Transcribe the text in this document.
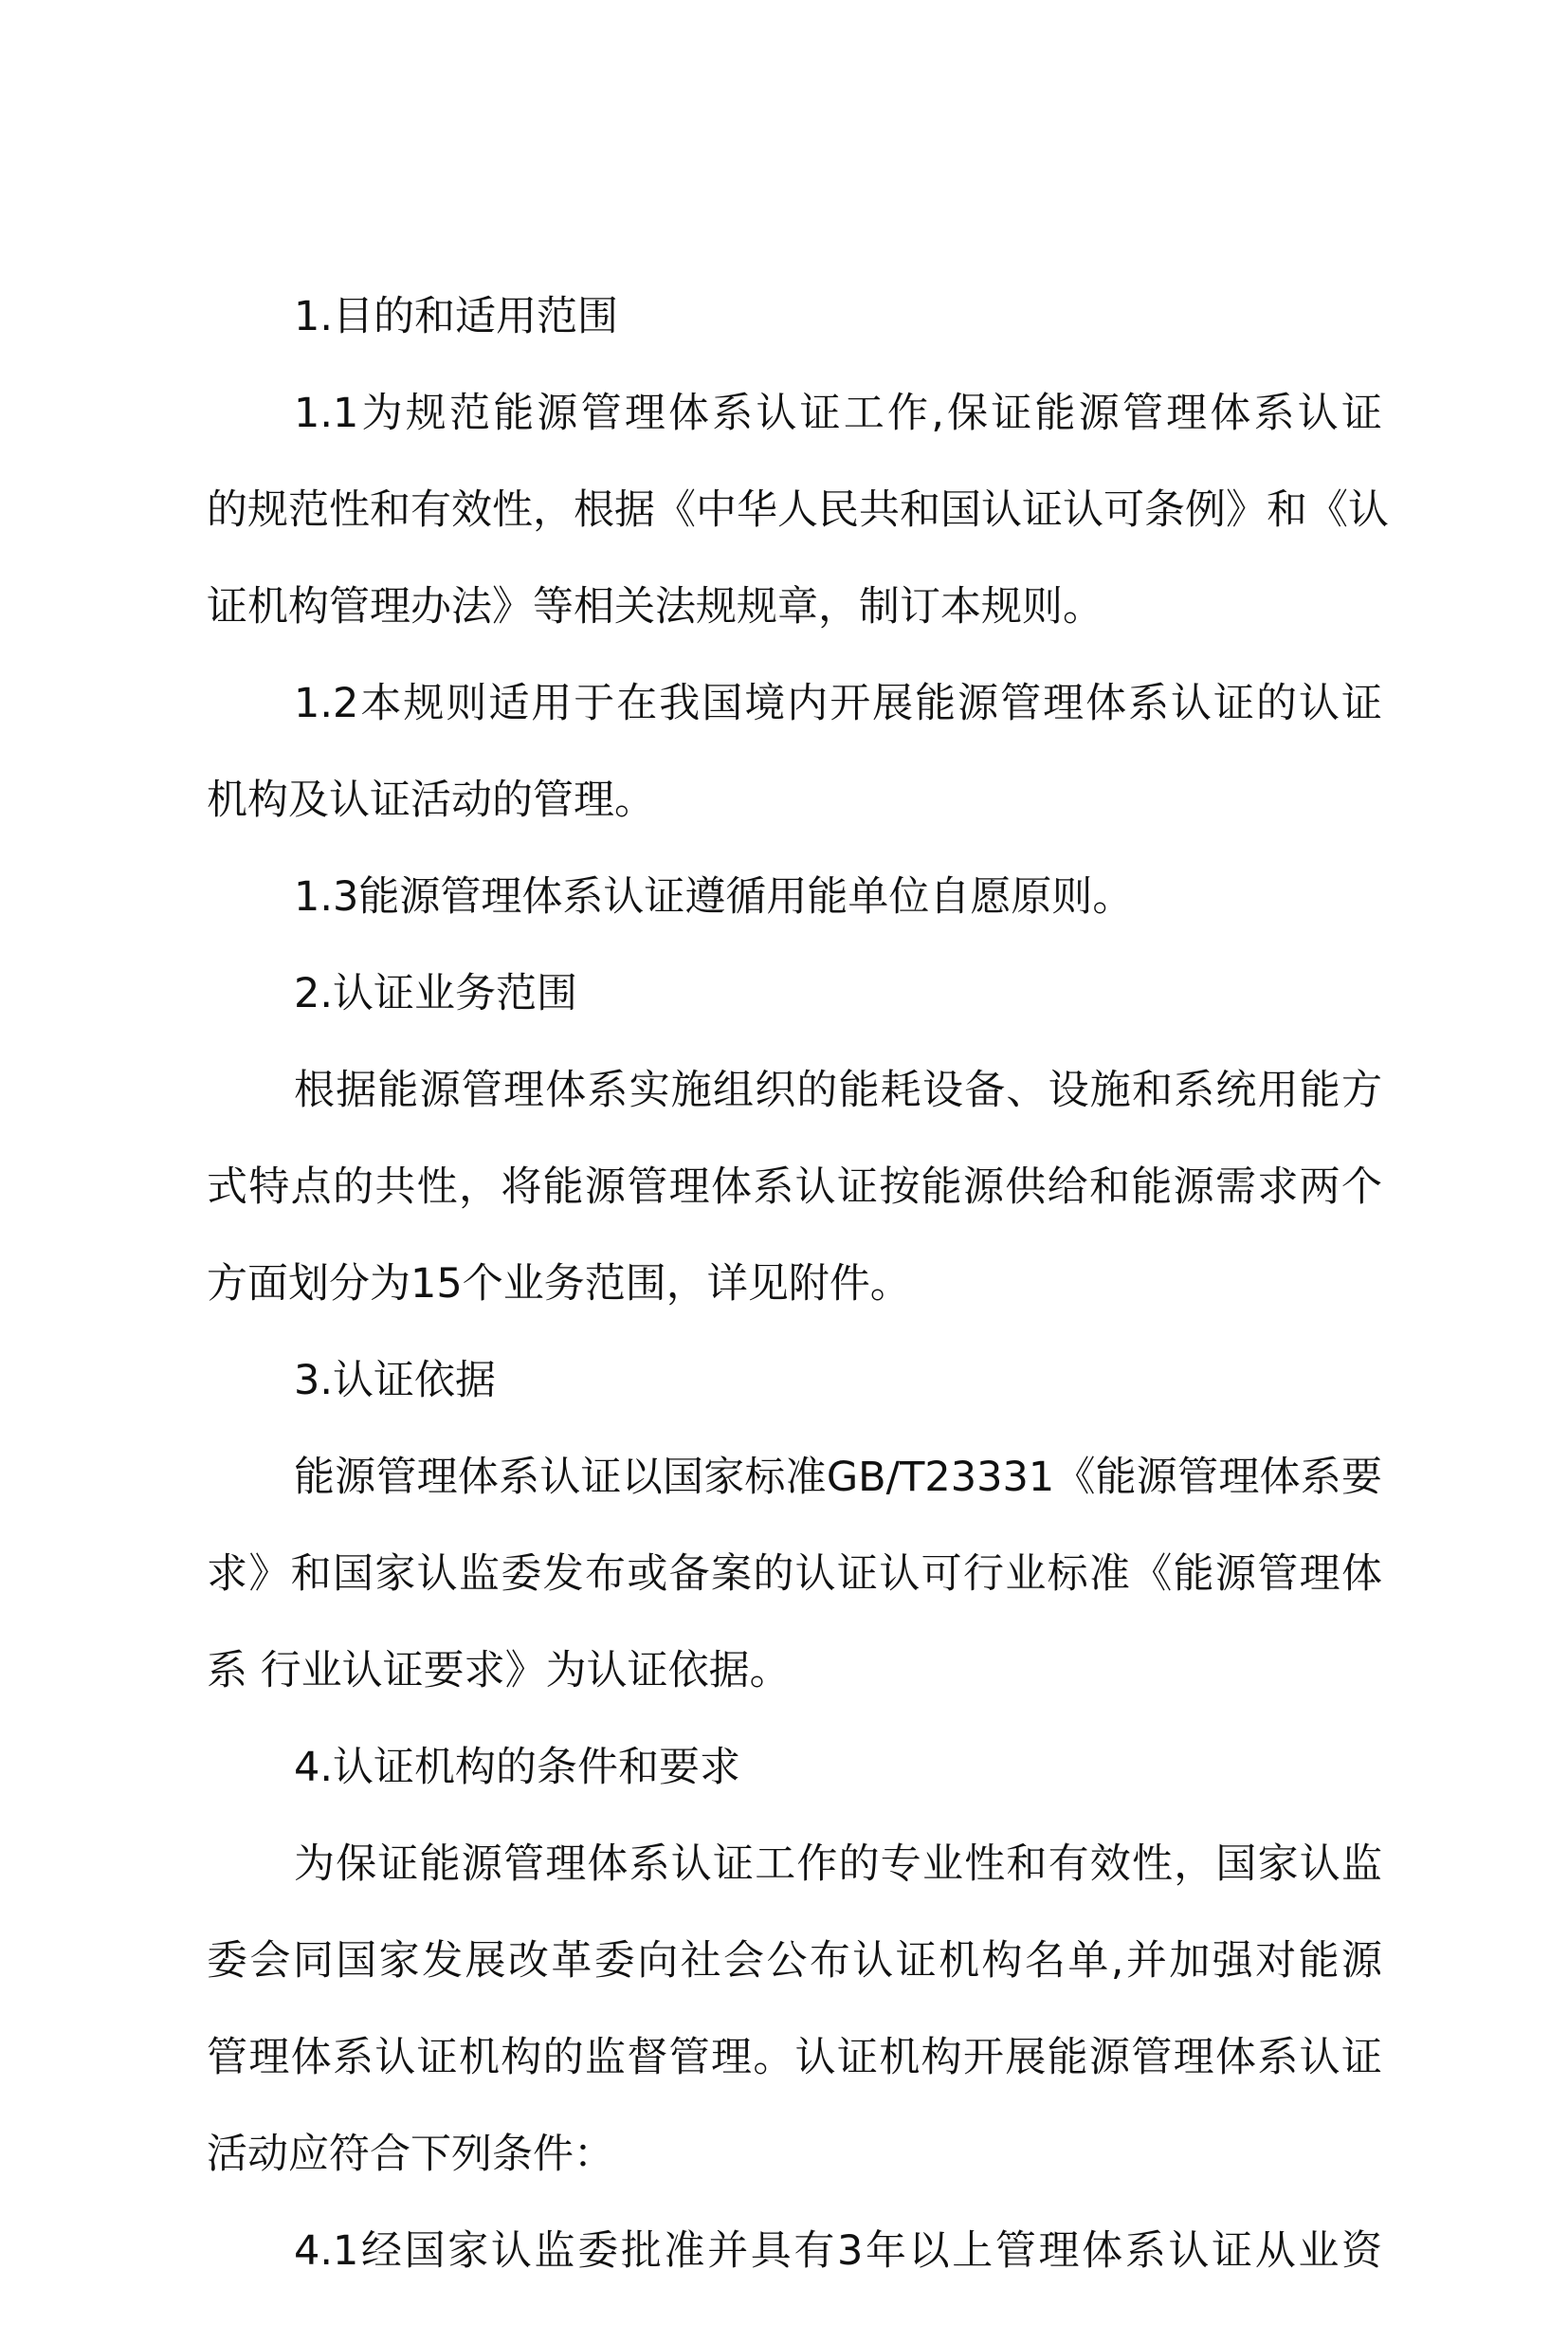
1.目的和适用范围
1.1为规范能源管理体系认证工作,保证能源管理体系认证
的规范性和有效性，根据《中华人民共和国认证认可条例》和《认
证机构管理办法》等相关法规规章，制订本规则。
1.2本规则适用于在我国境内开展能源管理体系认证的认证
机构及认证活动的管理。
1.3能源管理体系认证遵循用能单位自愿原则。
2.认证业务范围
根据能源管理体系实施组织的能耗设备、设施和系统用能方
式特点的共性，将能源管理体系认证按能源供给和能源需求两个
方面划分为15个业务范围，详见附件。
3.认证依据
能源管理体系认证以国家标准GB/T23331《能源管理体系要
求》和国家认监委发布或备案的认证认可行业标准《能源管理体
系 行业认证要求》为认证依据。
4.认证机构的条件和要求
为保证能源管理体系认证工作的专业性和有效性，国家认监
委会同国家发展改革委向社会公布认证机构名单,并加强对能源
管理体系认证机构的监督管理。认证机构开展能源管理体系认证
活动应符合下列条件：
4.1经国家认监委批准并具有3年以上管理体系认证从业资
